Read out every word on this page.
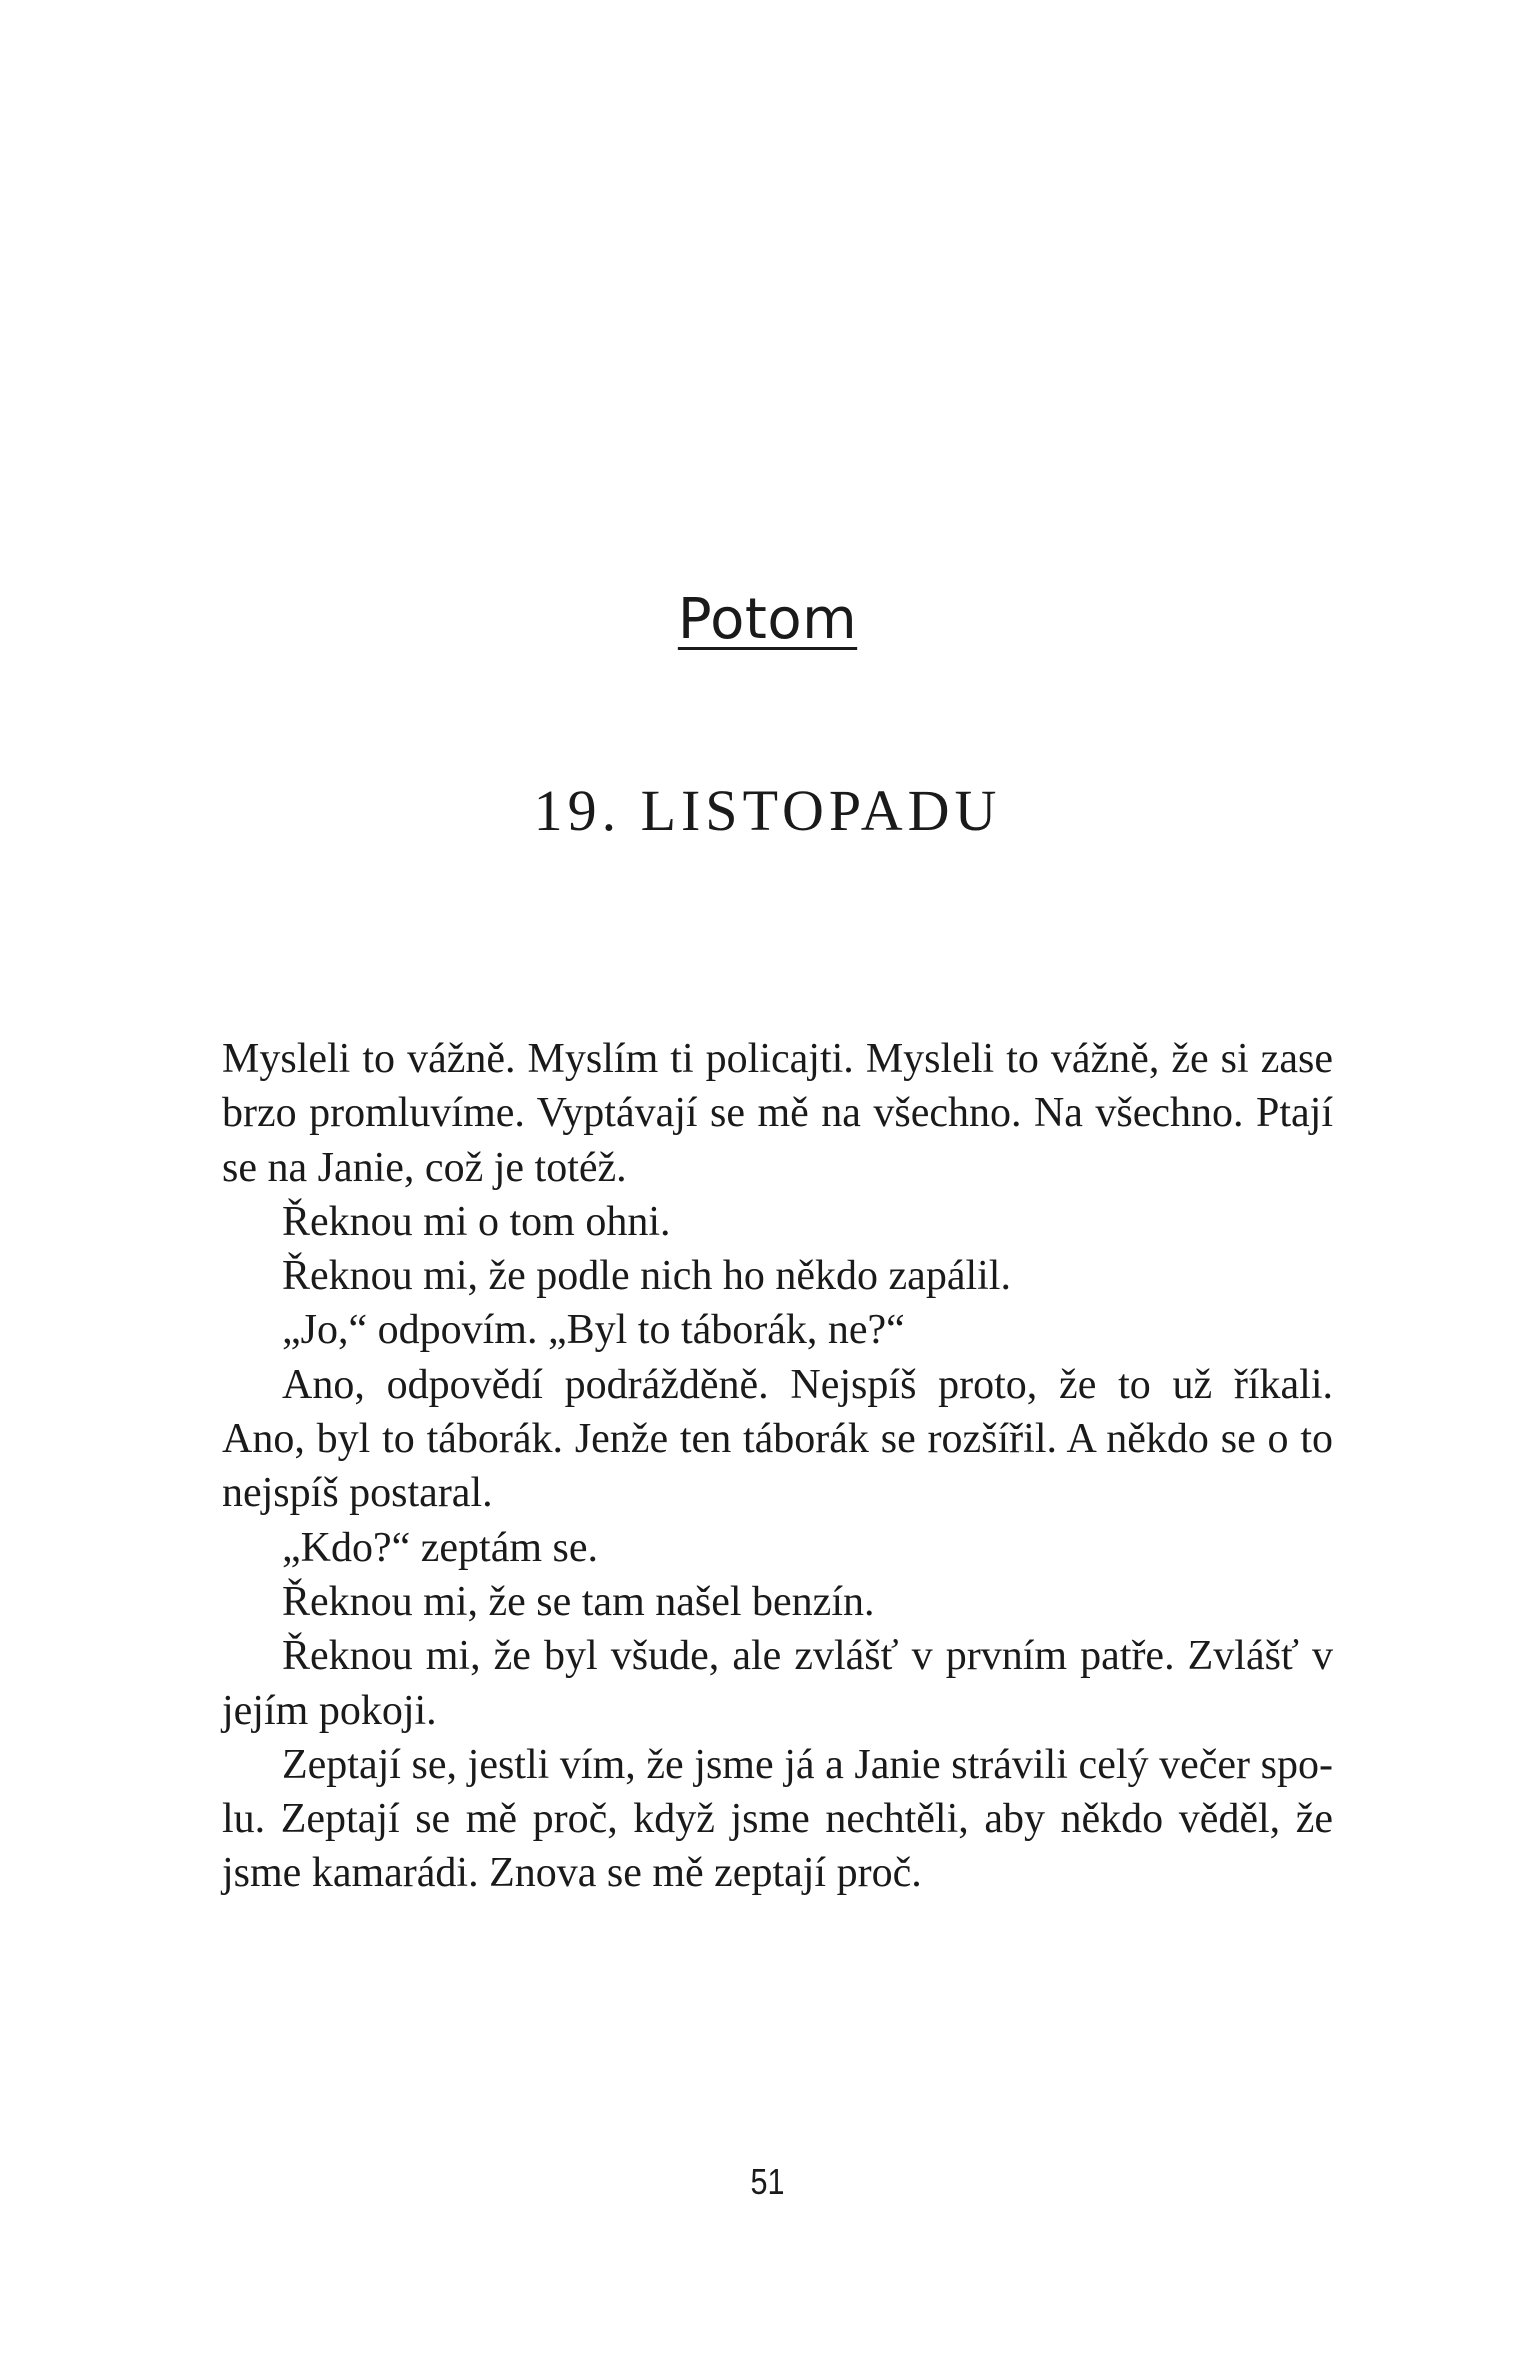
Potom
19. LISTOPADU

Mysleli to vážně. Myslím ti policajti. Mysleli to vážně, že si zase brzo promluvíme. Vyptávají se mě na všechno. Na všechno. Ptají se na Janie, což je totéž.

Řeknou mi o tom ohni.

Řeknou mi, že podle nich ho někdo zapálil.

„Jo,“ odpovím. „Byl to táborák, ne?“

Ano, odpovědí podrážděně. Nejspíš proto, že to už říkali. Ano, byl to táborák. Jenže ten táborák se rozšířil. A někdo se o to nejspíš postaral.

„Kdo?“ zeptám se.

Řeknou mi, že se tam našel benzín.

Řeknou mi, že byl všude, ale zvlášť v prvním patře. Zvlášť v jejím pokoji.

Zeptají se, jestli vím, že jsme já a Janie strávili celý večer spolu. Zeptají se mě proč, když jsme nechtěli, aby někdo věděl, že jsme kamarádi. Znova se mě zeptají proč.

51
